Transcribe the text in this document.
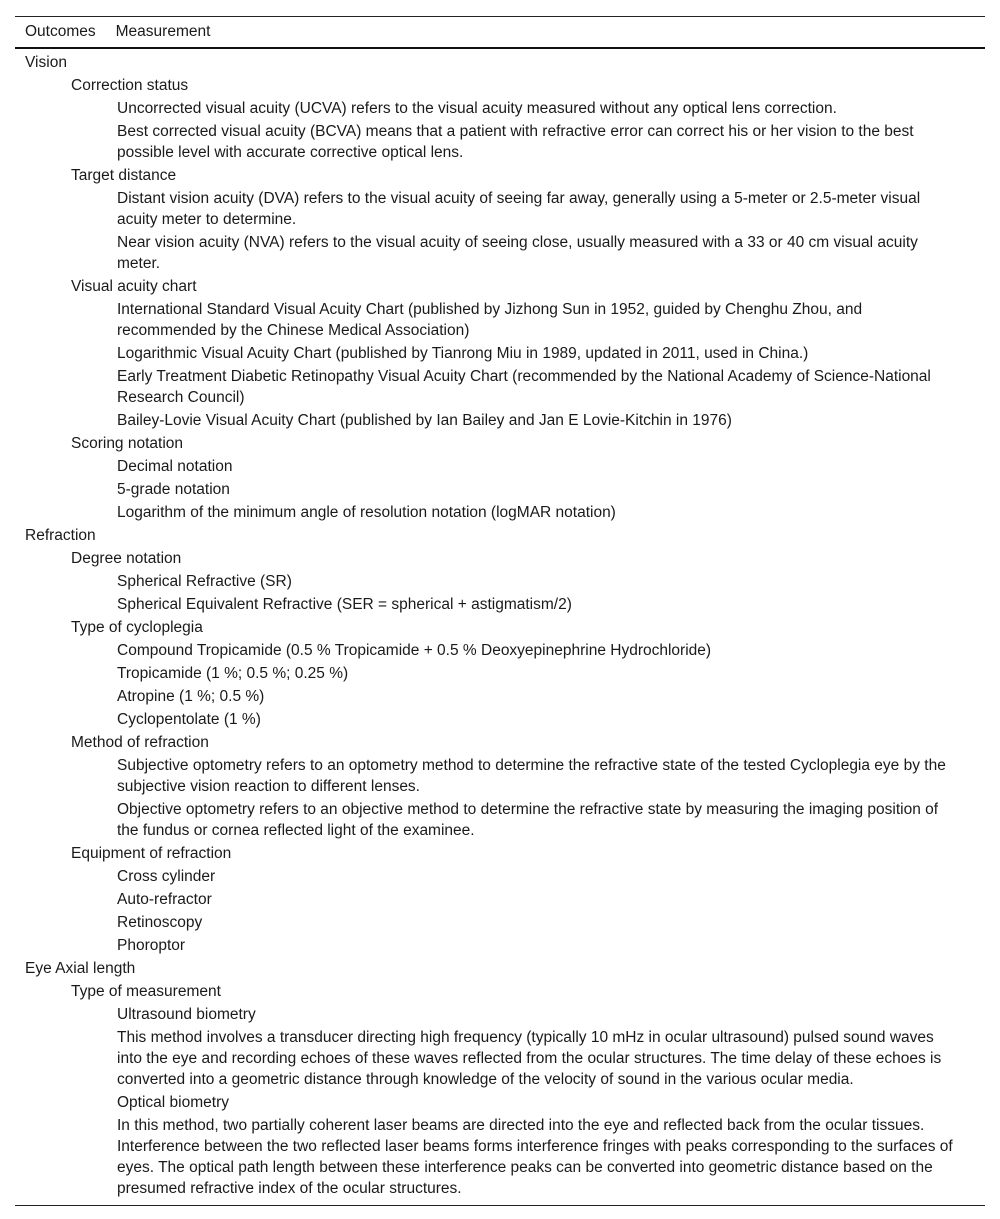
Outcomes Measurement
Vision
Correction status
Uncorrected visual acuity (UCVA) refers to the visual acuity measured without any optical lens correction.
Best corrected visual acuity (BCVA) means that a patient with refractive error can correct his or her vision to the best possible level with accurate corrective optical lens.
Target distance
Distant vision acuity (DVA) refers to the visual acuity of seeing far away, generally using a 5-meter or 2.5-meter visual acuity meter to determine.
Near vision acuity (NVA) refers to the visual acuity of seeing close, usually measured with a 33 or 40 cm visual acuity meter.
Visual acuity chart
International Standard Visual Acuity Chart (published by Jizhong Sun in 1952, guided by Chenghu Zhou, and recommended by the Chinese Medical Association)
Logarithmic Visual Acuity Chart (published by Tianrong Miu in 1989, updated in 2011, used in China.)
Early Treatment Diabetic Retinopathy Visual Acuity Chart (recommended by the National Academy of Science-National Research Council)
Bailey-Lovie Visual Acuity Chart (published by Ian Bailey and Jan E Lovie-Kitchin in 1976)
Scoring notation
Decimal notation
5-grade notation
Logarithm of the minimum angle of resolution notation (logMAR notation)
Refraction
Degree notation
Spherical Refractive (SR)
Spherical Equivalent Refractive (SER = spherical + astigmatism/2)
Type of cycloplegia
Compound Tropicamide (0.5 % Tropicamide + 0.5 % Deoxyepinephrine Hydrochloride)
Tropicamide (1 %; 0.5 %; 0.25 %)
Atropine (1 %; 0.5 %)
Cyclopentolate (1 %)
Method of refraction
Subjective optometry refers to an optometry method to determine the refractive state of the tested Cycloplegia eye by the subjective vision reaction to different lenses.
Objective optometry refers to an objective method to determine the refractive state by measuring the imaging position of the fundus or cornea reflected light of the examinee.
Equipment of refraction
Cross cylinder
Auto-refractor
Retinoscopy
Phoroptor
Eye Axial length
Type of measurement
Ultrasound biometry
This method involves a transducer directing high frequency (typically 10 mHz in ocular ultrasound) pulsed sound waves into the eye and recording echoes of these waves reflected from the ocular structures. The time delay of these echoes is converted into a geometric distance through knowledge of the velocity of sound in the various ocular media.
Optical biometry
In this method, two partially coherent laser beams are directed into the eye and reflected back from the ocular tissues. Interference between the two reflected laser beams forms interference fringes with peaks corresponding to the surfaces of eyes. The optical path length between these interference peaks can be converted into geometric distance based on the presumed refractive index of the ocular structures.
